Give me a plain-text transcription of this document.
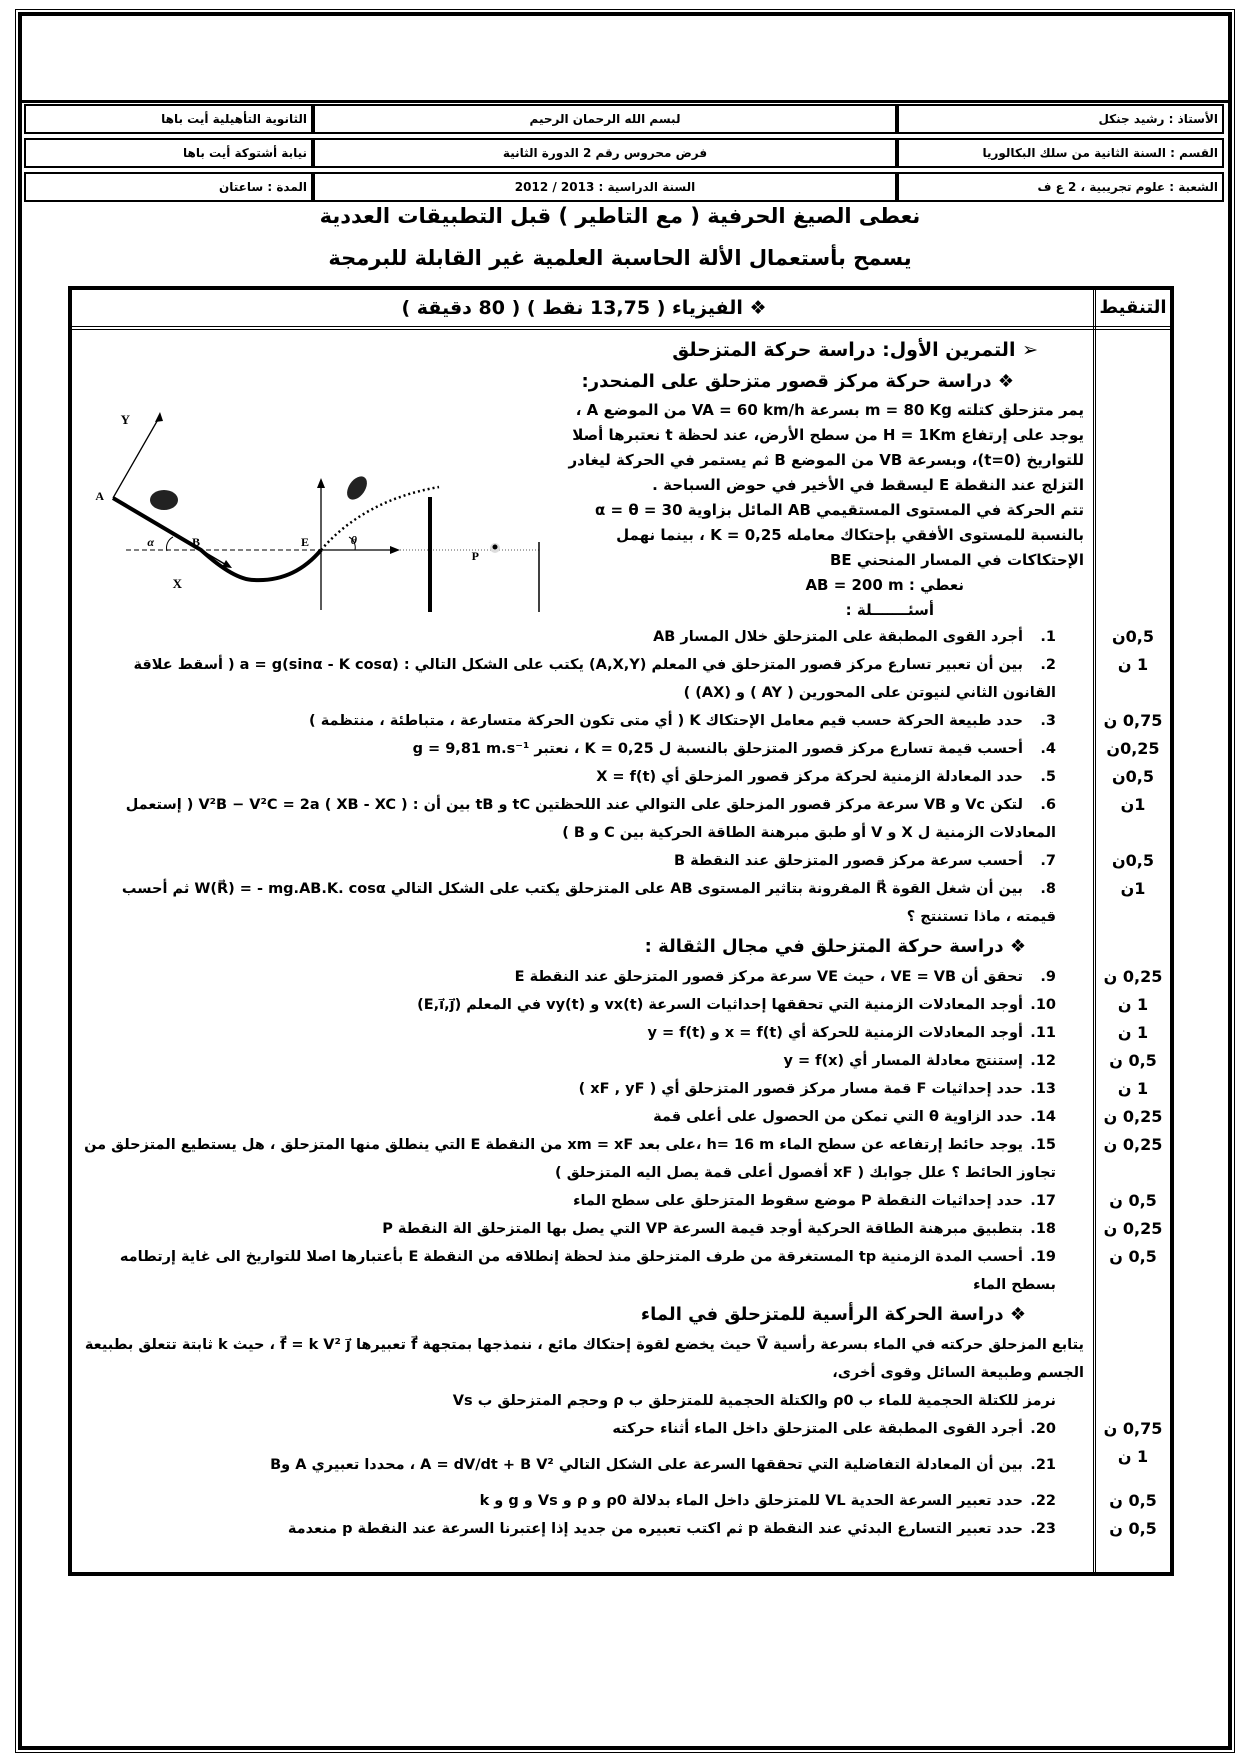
الأستاذ : رشيد جنكل
لبسم الله الرحمان الرحيم
الثانوية التأهيلية أيت باها
القسم : السنة الثانية من سلك البكالوريا
فرض محروس رقم 2 الدورة الثانية
نيابة أشتوكة أيت باها
الشعبة : علوم تجريبية ، 2 ع ف
السنة الدراسية : 2013 / 2012
المدة : ساعتان
نعطى الصيغ الحرفية ( مع التاطير ) قبل التطبيقات العددية
يسمح بأستعمال الألة الحاسبة العلمية غير القابلة للبرمجة
التنقيط
❖ الفيزياء ( 13,75 نقط ) ( 80 دقيقة )
➢ التمرين الأول: دراسة حركة المتزحلق
Y
X
A
B	E
α	θ
P
❖ دراسة حركة مركز قصور متزحلق على المنحدر:
يمر متزحلق كتلته m = 80 Kg بسرعة VA = 60 km/h من الموضع A ، يوجد على إرتفاع H = 1Km من سطح الأرض، عند لحظة t نعتبرها أصلا للتواريخ (t=0)، وبسرعة VB من الموضع B ثم يستمر في الحركة ليغادر التزلج عند النقطة E ليسقط في الأخير في حوض السباحة .
تتم الحركة في المستوى المستقيمي AB المائل بزاوية α = θ = 30 بالنسبة للمستوى الأفقي بإحتكاك معامله K = 0,25 ، بينما نهمل الإحتكاكات في المسار المنحني BE
نعطي : AB = 200 m
أسئـــــــلة :
0,5ن
1. أجرد القوى المطبقة على المتزحلق خلال المسار AB
1 ن
2. بين أن تعبير تسارع مركز قصور المتزحلق في المعلم (A,X,Y) يكتب على الشكل التالي : a = g(sinα - K cosα) ( أسقط علاقة القانون الثاني لنيوتن على المحورين ( AY ) و (AX) )
0,75 ن
3. حدد طبيعة الحركة حسب قيم معامل الإحتكاك K ( أي متى تكون الحركة متسارعة ، متباطئة ، منتظمة )
0,25ن
4. أحسب قيمة تسارع مركز قصور المتزحلق بالنسبة ل K = 0,25 ، نعتبر g = 9,81 m.s⁻¹
0,5ن
5. حدد المعادلة الزمنية لحركة مركز قصور المزحلق أي X = f(t)
1ن
6. لتكن Vc و VB سرعة مركز قصور المزحلق على التوالي عند اللحظتين tC و tB بين أن : V²B − V²C = 2a ( XB - XC ) ( إستعمل المعادلات الزمنية ل X و V أو طبق مبرهنة الطاقة الحركية بين C و B )
0,5ن
7. أحسب سرعة مركز قصور المتزحلق عند النقطة B
1ن
8. بين أن شغل القوة R⃗ المقرونة بتاثير المستوى AB على المتزحلق يكتب على الشكل التالي W(R⃗) = - mg.AB.K. cosα ثم أحسب قيمته ، ماذا تستنتج ؟
❖ دراسة حركة المتزحلق في مجال الثقالة :
0,25 ن
9. تحقق أن VE = VB ، حيث VE سرعة مركز قصور المتزحلق عند النقطة E
1 ن
10. أوجد المعادلات الزمنية التي تحققها إحداثيات السرعة vx(t) و vy(t) في المعلم (E,i⃗,j⃗)
1 ن
11. أوجد المعادلات الزمنية للحركة أي x = f(t) و y = f(t)
0,5 ن
12. إستنتج معادلة المسار أي y = f(x)
1 ن
13. حدد إحداثيات F قمة مسار مركز قصور المتزحلق أي ( xF , yF )
0,25 ن
14. حدد الزاوية θ التي تمكن من الحصول على أعلى قمة
0,25 ن
15. يوجد حائط إرتفاعه عن سطح الماء h= 16 m ،على بعد xm = xF من النقطة E التي ينطلق منها المتزحلق ، هل يستطيع المتزحلق من تجاوز الحائط ؟ علل جوابك ( xF أفصول أعلى قمة يصل اليه المتزحلق )
0,5 ن
17. حدد إحداثيات النقطة P موضع سقوط المتزحلق على سطح الماء
0,25 ن
18. بتطبيق مبرهنة الطاقة الحركية أوجد قيمة السرعة VP التي يصل بها المتزحلق الة النقطة P
0,5 ن
19. أحسب المدة الزمنية tp المستغرقة من طرف المتزحلق منذ لحظة إنطلاقه من النقطة E بأعتبارها اصلا للتواريخ الى غاية إرتطامه بسطح الماء
❖ دراسة الحركة الرأسية للمتزحلق في الماء
يتابع المزحلق حركته في الماء بسرعة رأسية V⃗ حيث يخضع لقوة إحتكاك مائع ، ننمذجها بمتجهة f⃗ تعبيرها f⃗ = k V² j⃗ ، حيث k ثابتة تتعلق بطبيعة الجسم وطبيعة السائل وقوى أخرى،
نرمز للكتلة الحجمية للماء ب ρ0 والكتلة الحجمية للمتزحلق ب ρ وحجم المتزحلق ب Vs
0,75 ن
20. أجرد القوى المطبقة على المتزحلق داخل الماء أثناء حركته
1 ن
21. بين أن المعادلة التفاضلية التي تحققها السرعة على الشكل التالي A = dV/dt + B V² ، محددا تعبيري A وB
0,5 ن
22. حدد تعبير السرعة الحدية VL للمتزحلق داخل الماء بدلالة ρ0 و ρ و Vs و g و k
0,5 ن
23. حدد تعبير التسارع البدئي عند النقطة p ثم اكتب تعبيره من جديد إذا إعتبرنا السرعة عند النقطة p منعدمة
